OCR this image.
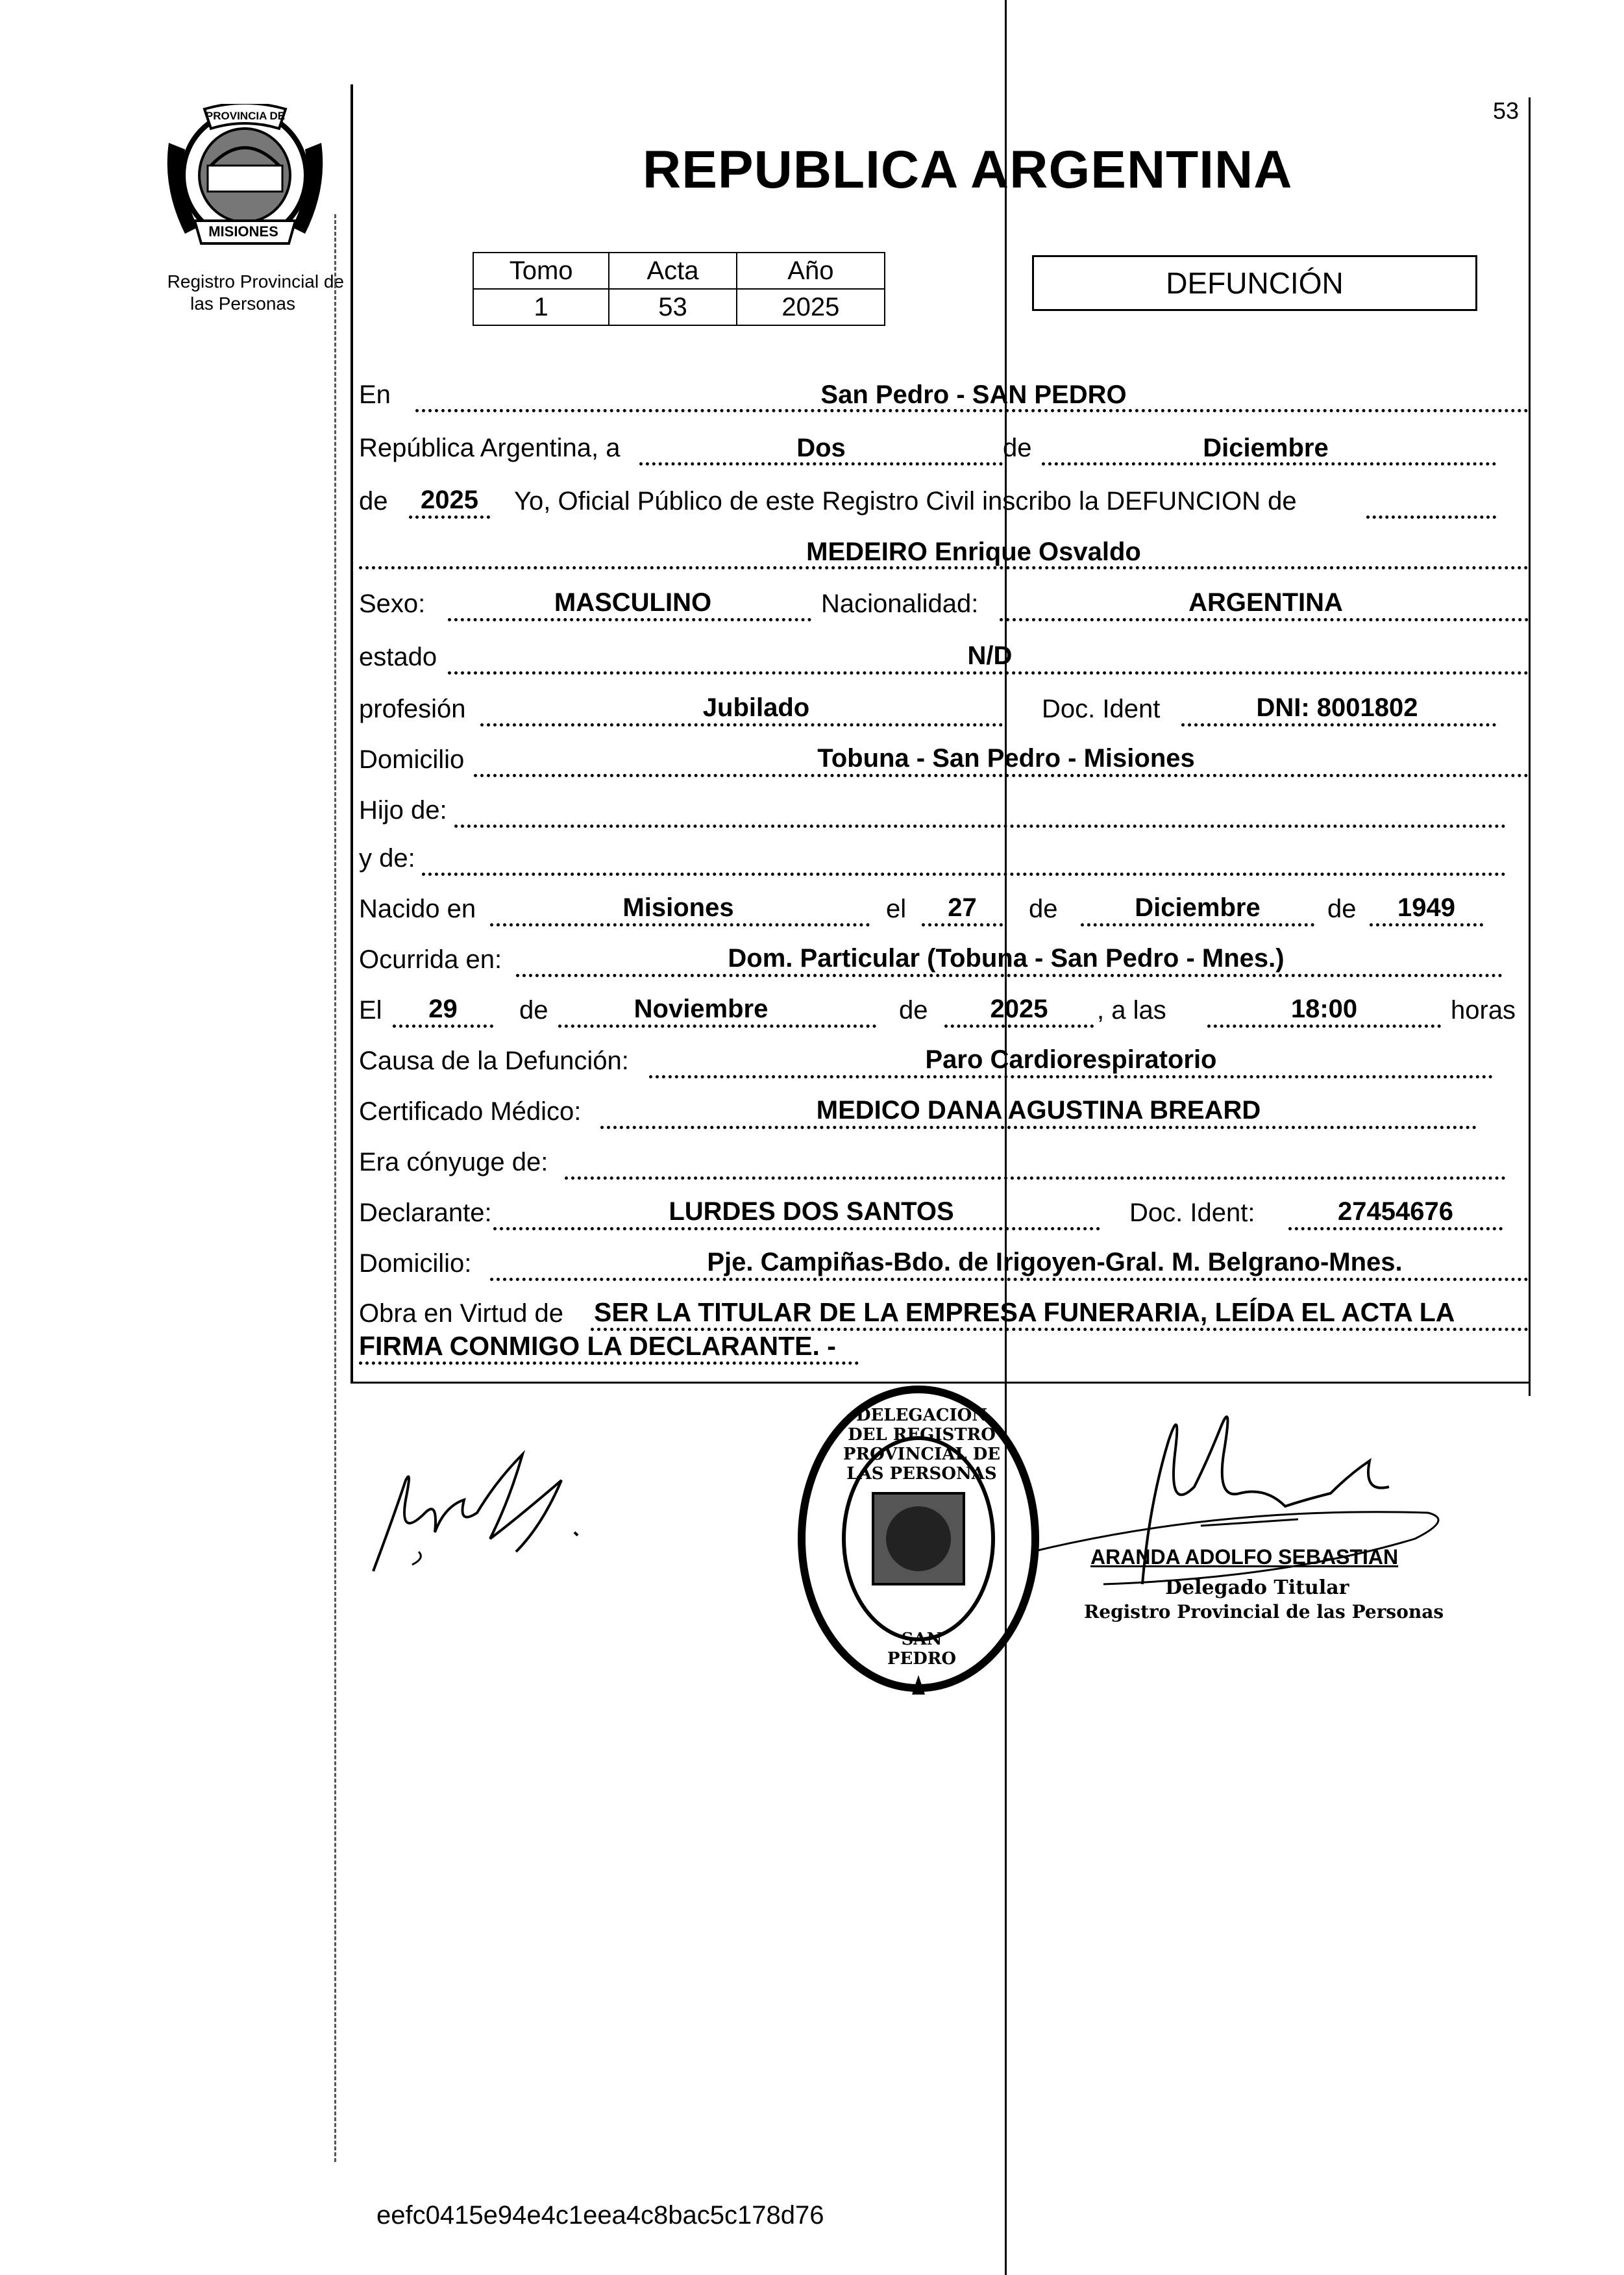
PROVINCIA DE
MISIONES
Registro Provincial de
las Personas
53
REPUBLICA ARGENTINA
Tomo	Acta	Año
1	53	2025
DEFUNCIÓN
En	San Pedro - SAN PEDRO
República Argentina, a	Dos	de	Diciembre
de	2025	Yo, Oficial Público de este Registro Civil inscribo la DEFUNCION de
MEDEIRO Enrique Osvaldo
Sexo:	MASCULINO	Nacionalidad:	ARGENTINA
estado	N/D
profesión	Jubilado	Doc. Ident	DNI: 8001802
Domicilio	Tobuna - San Pedro - Misiones
Hijo de:
y de:
Nacido en	Misiones	el	27	de	Diciembre	de	1949
Ocurrida en:	Dom. Particular (Tobuna - San Pedro - Mnes.)
El	29	de	Noviembre	de	2025	, a las	18:00	horas
Causa de la Defunción:	Paro Cardiorespiratorio
Certificado Médico:	MEDICO DANA AGUSTINA BREARD
Era cónyuge de:
Declarante:	LURDES DOS SANTOS	Doc. Ident:	27454676
Domicilio:	Pje. Campiñas-Bdo. de Irigoyen-Gral. M. Belgrano-Mnes.
Obra en Virtud de SER LA TITULAR DE LA EMPRESA FUNERARIA, LEÍDA EL ACTA LA
FIRMA CONMIGO LA DECLARANTE. -
DELEGACION DEL REGISTRO PROVINCIAL DE LAS PERSONAS
SAN PEDRO
ARANDA ADOLFO SEBASTIAN
Delegado Titular
Registro Provincial de las Personas
eefc0415e94e4c1eea4c8bac5c178d76
